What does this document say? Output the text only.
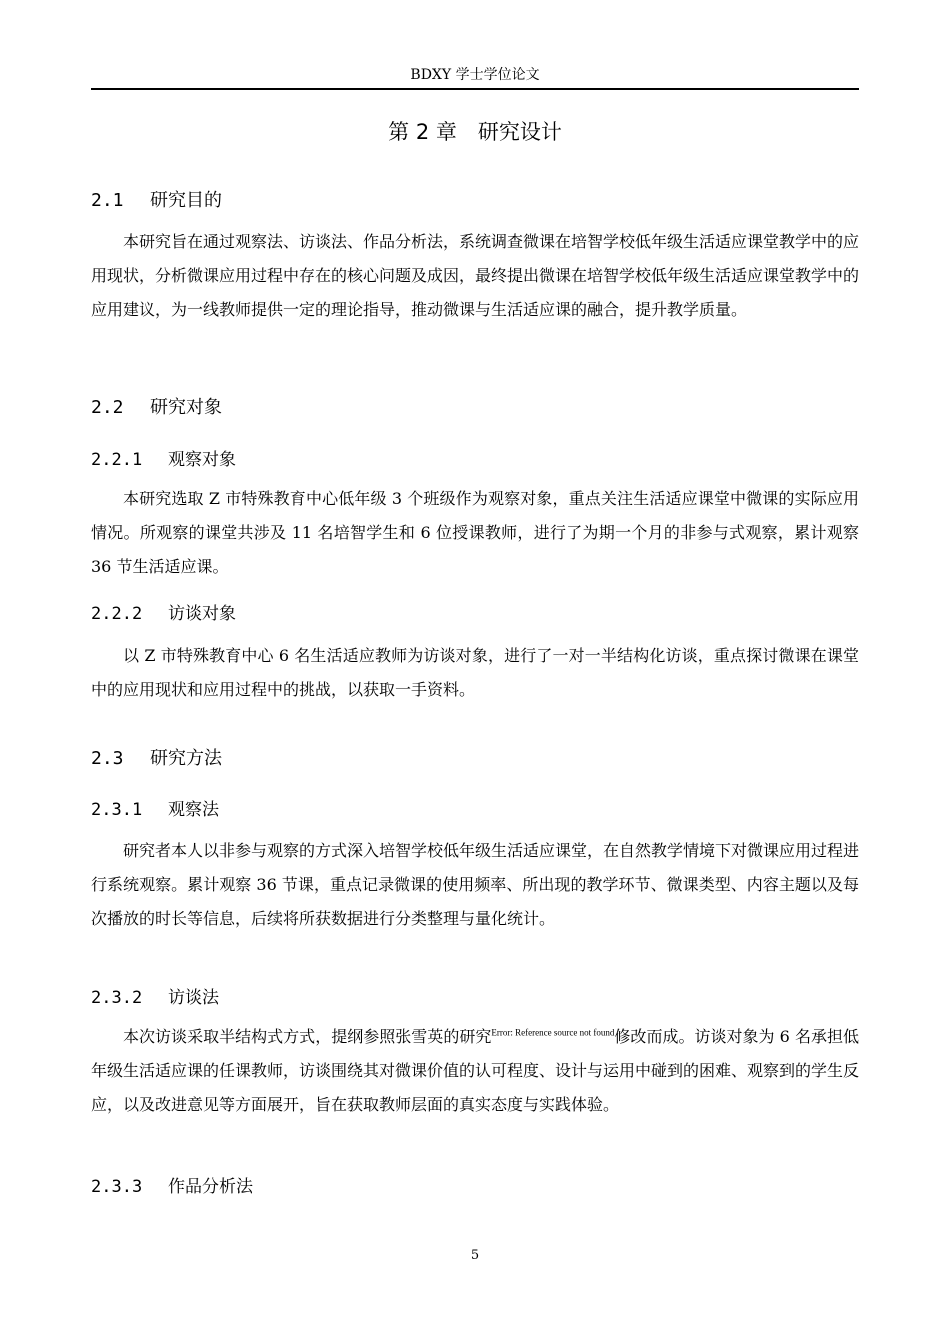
BDXY 学士学位论文
第 2 章　研究设计
2.1 研究目的
本研究旨在通过观察法、访谈法、作品分析法，系统调查微课在培智学校低年级生活适应课堂教学中的应用现状，分析微课应用过程中存在的核心问题及成因，最终提出微课在培智学校低年级生活适应课堂教学中的应用建议，为一线教师提供一定的理论指导，推动微课与生活适应课的融合，提升教学质量。
2.2 研究对象
2.2.1 观察对象
本研究选取 Z 市特殊教育中心低年级 3 个班级作为观察对象，重点关注生活适应课堂中微课的实际应用情况。所观察的课堂共涉及 11 名培智学生和 6 位授课教师，进行了为期一个月的非参与式观察，累计观察 36 节生活适应课。
2.2.2 访谈对象
以 Z 市特殊教育中心 6 名生活适应教师为访谈对象，进行了一对一半结构化访谈，重点探讨微课在课堂中的应用现状和应用过程中的挑战，以获取一手资料。
2.3 研究方法
2.3.1 观察法
研究者本人以非参与观察的方式深入培智学校低年级生活适应课堂，在自然教学情境下对微课应用过程进行系统观察。累计观察 36 节课，重点记录微课的使用频率、所出现的教学环节、微课类型、内容主题以及每次播放的时长等信息，后续将所获数据进行分类整理与量化统计。
2.3.2 访谈法
本次访谈采取半结构式方式，提纲参照张雪英的研究$^{Error: Reference source not found}$修改而成。访谈对象为 6 名承担低年级生活适应课的任课教师，访谈围绕其对微课价值的认可程度、设计与运用中碰到的困难、观察到的学生反应，以及改进意见等方面展开，旨在获取教师层面的真实态度与实践体验。
2.3.3 作品分析法
5
